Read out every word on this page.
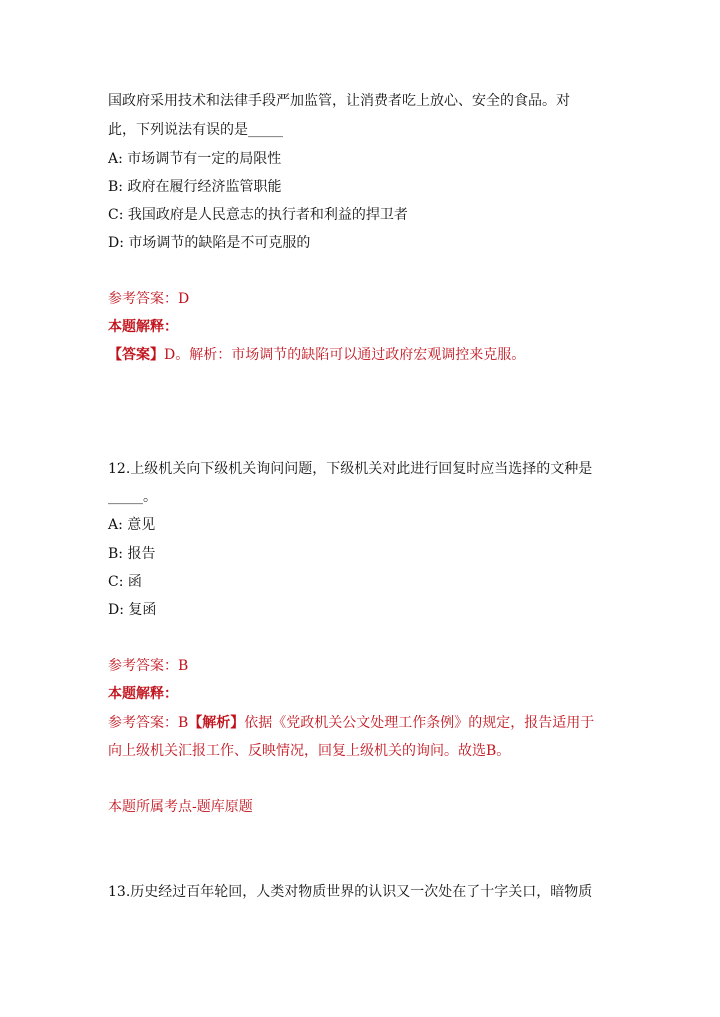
国政府采用技术和法律手段严加监管，让消费者吃上放心、安全的食品。对
此，下列说法有误的是_____
A: 市场调节有一定的局限性
B: 政府在履行经济监管职能
C: 我国政府是人民意志的执行者和利益的捍卫者
D: 市场调节的缺陷是不可克服的
参考答案：D
本题解释：
【答案】D。解析：市场调节的缺陷可以通过政府宏观调控来克服。
12.上级机关向下级机关询问问题，下级机关对此进行回复时应当选择的文种是
_____。
A: 意见
B: 报告
C: 函
D: 复函
参考答案：B
本题解释：
参考答案：B【解析】依据《党政机关公文处理工作条例》的规定，报告适用于
向上级机关汇报工作、反映情况，回复上级机关的询问。故选B。
本题所属考点-题库原题
13.历史经过百年轮回，人类对物质世界的认识又一次处在了十字关口，暗物质
